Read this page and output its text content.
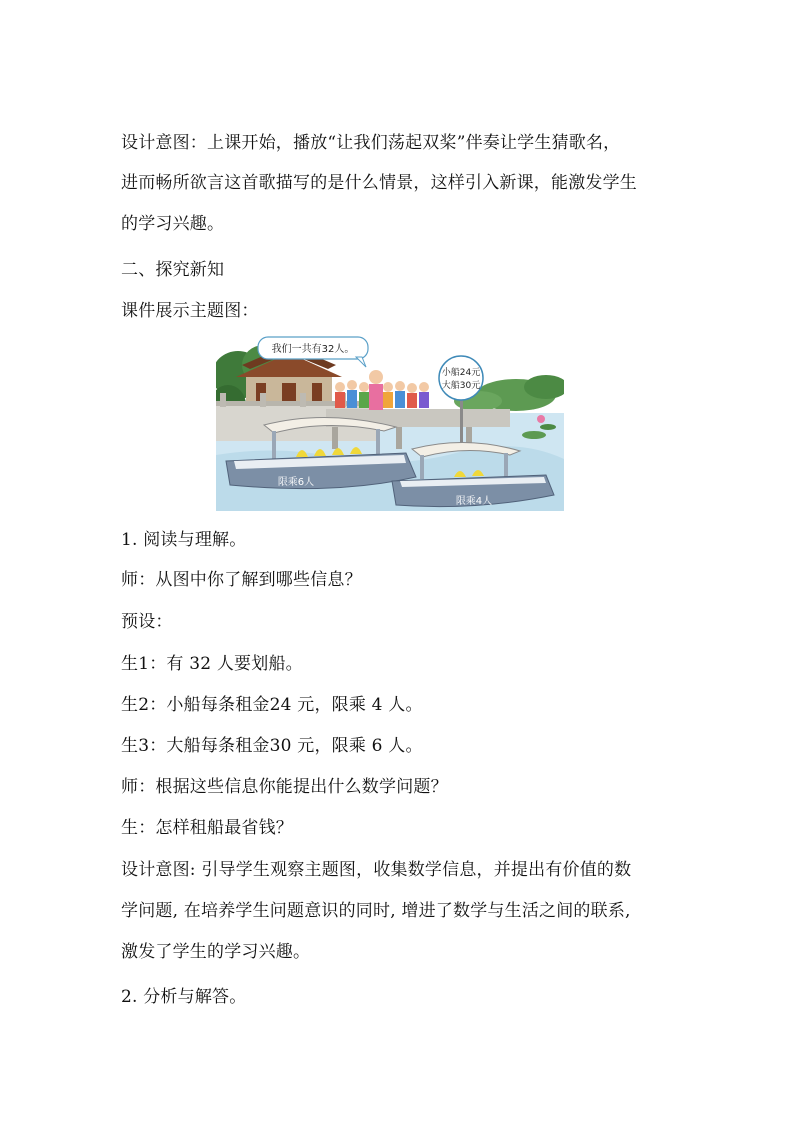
设计意图：上课开始，播放“让我们荡起双桨”伴奏让学生猜歌名，
进而畅所欲言这首歌描写的是什么情景，这样引入新课，能激发学生
的学习兴趣。
二、探究新知
课件展示主题图：
我们一共有32人。
小船24元
大船30元
限乘6人
限乘4人
1. 阅读与理解。
师：从图中你了解到哪些信息？
预设：
生1：有 32 人要划船。
生2：小船每条租金24 元，限乘 4 人。
生3：大船每条租金30 元，限乘 6 人。
师：根据这些信息你能提出什么数学问题？
生：怎样租船最省钱？
设计意图: 引导学生观察主题图，收集数学信息，并提出有价值的数
学问题, 在培养学生问题意识的同时, 增进了数学与生活之间的联系,
激发了学生的学习兴趣。
2. 分析与解答。
